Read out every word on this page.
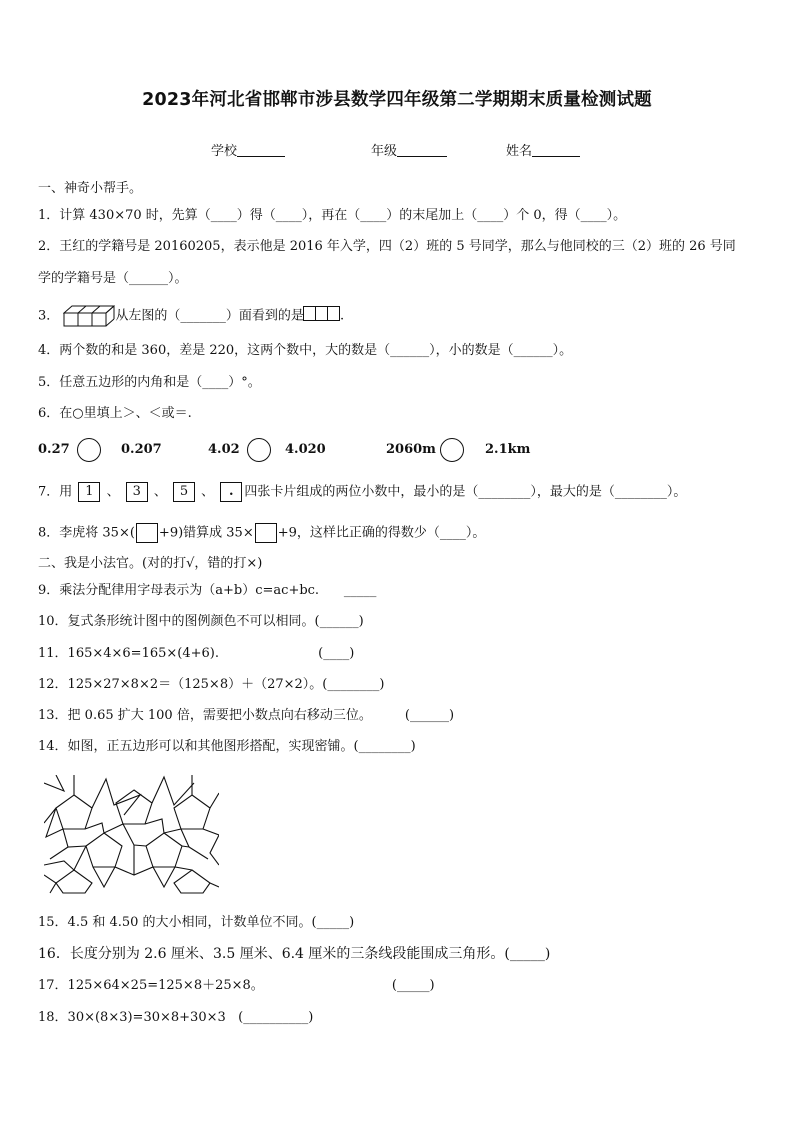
2023年河北省邯郸市涉县数学四年级第二学期期末质量检测试题
学校	年级	姓名
一、神奇小帮手。
1．计算 430×70 时，先算（____）得（____），再在（____）的末尾加上（____）个 0，得（____）。
2．王红的学籍号是 20160205，表示他是 2016 年入学，四（2）班的 5 号同学，那么与他同校的三（2）班的 26 号同
学的学籍号是（______）。
3．	从左图的（_______）面看到的是	.
4．两个数的和是 360，差是 220，这两个数中，大的数是（______），小的数是（______）。
5．任意五边形的内角和是（____）°。
6．在○里填上＞、＜或＝.
0.27	0.207	4.02	4.020	2060m	2.1km
7．用 1 、 3 、 5 、 . 四张卡片组成的两位小数中，最小的是（________），最大的是（________）。
8．李虎将 35×( +9)错算成 35× +9，这样比正确的得数少（____）。
二、我是小法官。(对的打√，错的打×)
9．乘法分配律用字母表示为（a+b）c=ac+bc.      _____
10．复式条形统计图中的图例颜色不可以相同。(______)
11．165×4×6=165×(4+6).                        (____)
12．125×27×8×2＝（125×8）＋（27×2）。(________)
13．把 0.65 扩大 100 倍，需要把小数点向右移动三位。        (______)
14．如图，正五边形可以和其他图形搭配，实现密铺。(________)
15．4.5 和 4.50 的大小相同，计数单位不同。(_____)
16．长度分别为 2.6 厘米、3.5 厘米、6.4 厘米的三条线段能围成三角形。(_____)
17．125×64×25=125×8＋25×8。                               (_____)
18．30×(8×3)=30×8+30×3   (__________)
